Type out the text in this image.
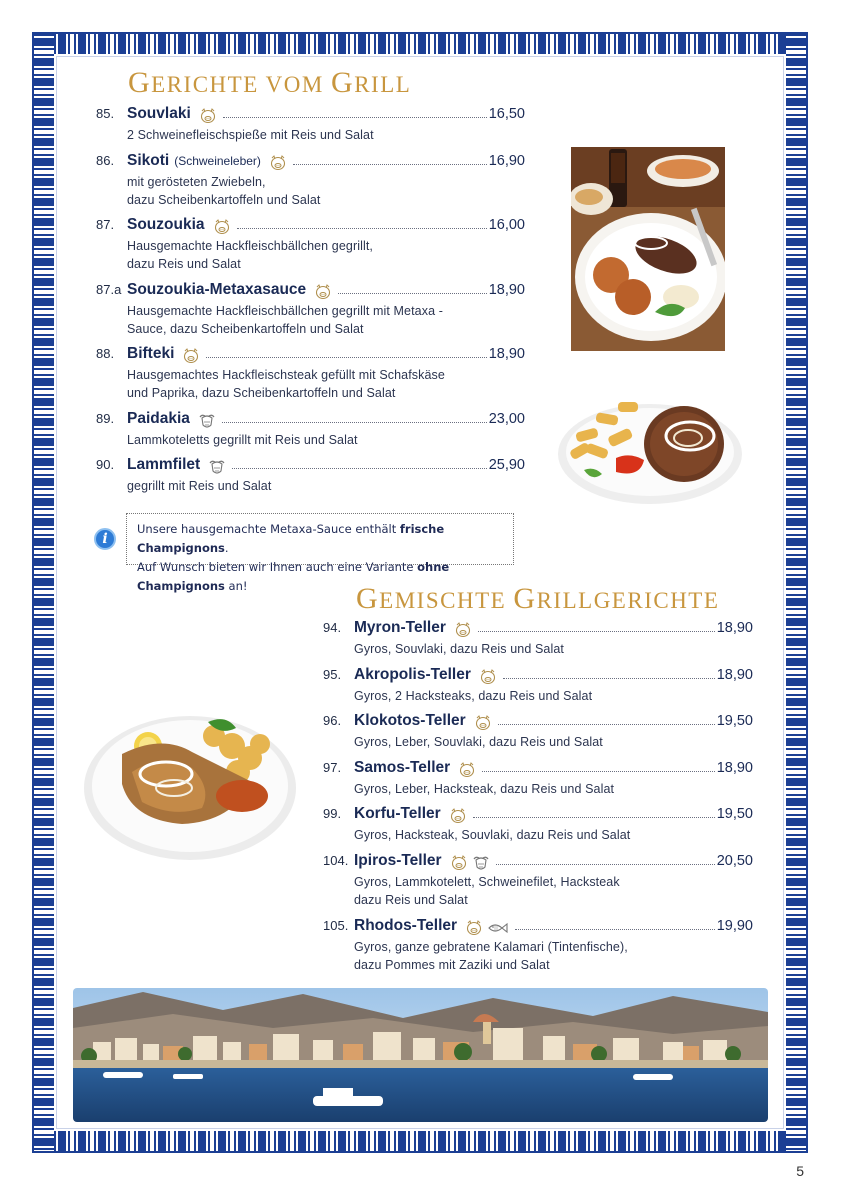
GERICHTE VOM GRILL
85. Souvlaki	16,50
2 Schweinefleischspieße mit Reis und Salat
86. Sikoti (Schweineleber)	16,90
mit gerösteten Zwiebeln,
dazu Scheibenkartoffeln und Salat
87. Souzoukia	16,00
Hausgemachte Hackfleischbällchen gegrillt,
dazu Reis und Salat
87.a Souzoukia-Metaxasauce	18,90
Hausgemachte Hackfleischbällchen gegrillt mit Metaxa -
Sauce, dazu Scheibenkartoffeln und Salat
88. Bifteki	18,90
Hausgemachtes Hackfleischsteak gefüllt mit Schafskäse
und Paprika, dazu Scheibenkartoffeln und Salat
89. Paidakia	23,00
Lammkoteletts gegrillt mit Reis und Salat
90. Lammfilet	25,90
gegrillt mit Reis und Salat
i

Unsere hausgemachte Metaxa-Sauce enthält frische Champignons.

Auf Wunsch bieten wir Ihnen auch eine Variante ohne Champignons an!	GEMISCHTE GRILLGERICHTE
94. Myron-Teller	18,90
Gyros, Souvlaki, dazu Reis und Salat
95. Akropolis-Teller	18,90
Gyros, 2 Hacksteaks, dazu Reis und Salat
96. Klokotos-Teller	19,50
Gyros, Leber, Souvlaki, dazu Reis und Salat
97. Samos-Teller	18,90
Gyros, Leber, Hacksteak, dazu Reis und Salat
99. Korfu-Teller	19,50
Gyros, Hacksteak, Souvlaki, dazu Reis und Salat
104. Ipiros-Teller	20,50
Gyros, Lammkotelett, Schweinefilet, Hacksteak
dazu Reis und Salat
105. Rhodos-Teller	19,90
Gyros, ganze gebratene Kalamari (Tintenfische),
dazu Pommes mit Zaziki und Salat
5
